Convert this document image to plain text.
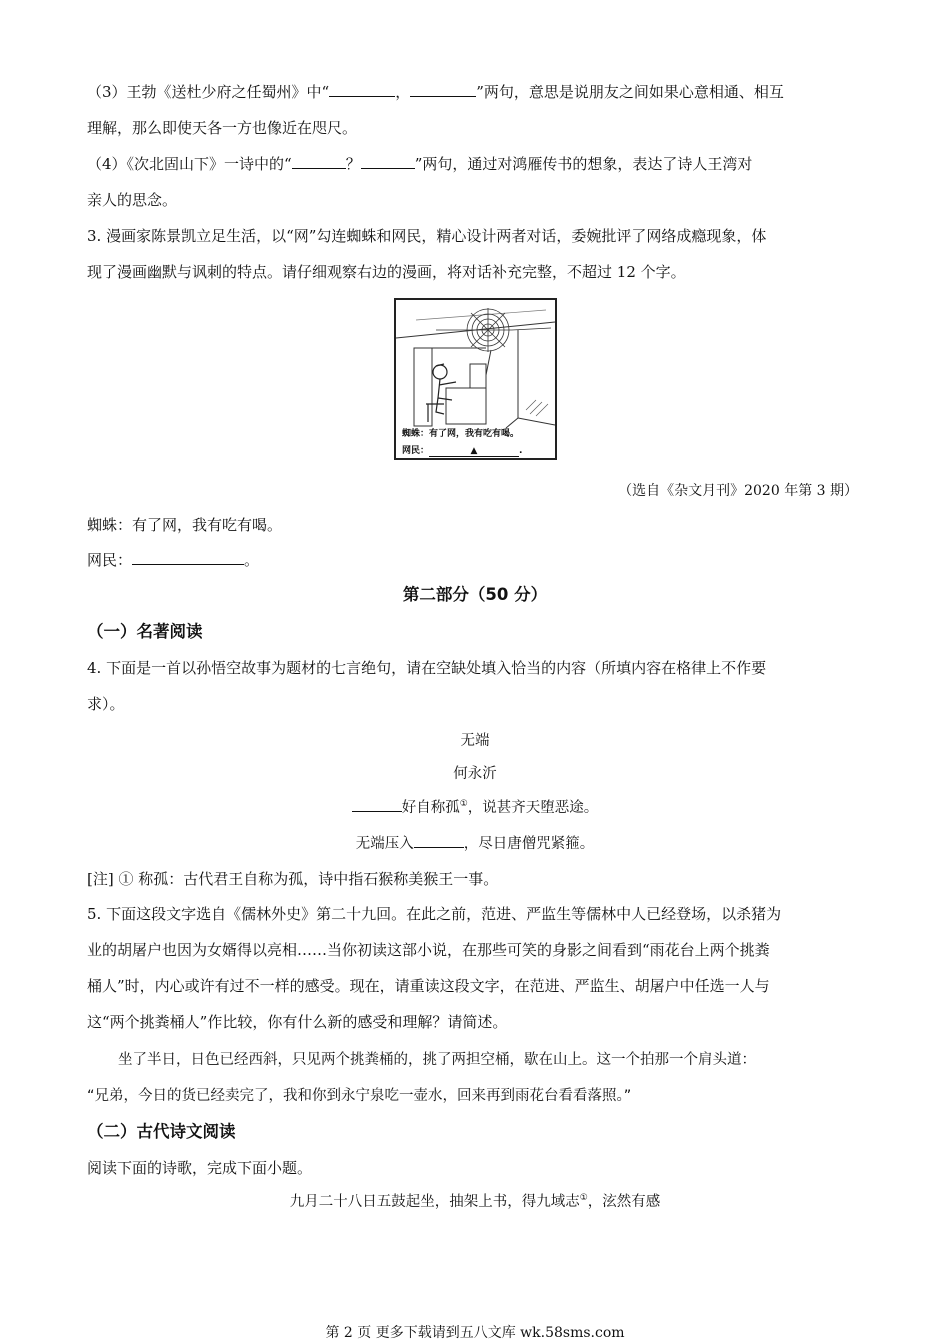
（3）王勃《送杜少府之任蜀州》中“	，	”两句，意思是说朋友之间如果心意相通、相互
理解，那么即使天各一方也像近在咫尺。
（4）《次北固山下》一诗中的“	？	”两句，通过对鸿雁传书的想象，表达了诗人王湾对
亲人的思念。
3. 漫画家陈景凯立足生活，以“网”勾连蜘蛛和网民，精心设计两者对话，委婉批评了网络成瘾现象，体
现了漫画幽默与讽刺的特点。请仔细观察右边的漫画，将对话补充完整，不超过 12 个字。
蜘蛛：有了网，我有吃有喝。
网民：	▲	.
（选自《杂文月刊》2020 年第 3 期）
蜘蛛：有了网，我有吃有喝。
网民：	。
第二部分（50 分）
（一）名著阅读
4. 下面是一首以孙悟空故事为题材的七言绝句，请在空缺处填入恰当的内容（所填内容在格律上不作要
求）。
无端
何永沂
好自称孤①，说甚齐天堕恶途。
无端压入	，尽日唐僧咒紧箍。
[注] ① 称孤：古代君王自称为孤，诗中指石猴称美猴王一事。
5. 下面这段文字选自《儒林外史》第二十九回。在此之前，范进、严监生等儒林中人已经登场，以杀猪为
业的胡屠户也因为女婿得以亮相……当你初读这部小说，在那些可笑的身影之间看到“雨花台上两个挑粪
桶人”时，内心或许有过不一样的感受。现在，请重读这段文字，在范进、严监生、胡屠户中任选一人与
这“两个挑粪桶人”作比较，你有什么新的感受和理解？请简述。
坐了半日，日色已经西斜，只见两个挑粪桶的，挑了两担空桶，歇在山上。这一个拍那一个肩头道：
“兄弟，今日的货已经卖完了，我和你到永宁泉吃一壶水，回来再到雨花台看看落照。”
（二）古代诗文阅读
阅读下面的诗歌，完成下面小题。
九月二十八日五鼓起坐，抽架上书，得九域志①，泫然有感
第 2 页 更多下载请到五八文库 wk.58sms.com
